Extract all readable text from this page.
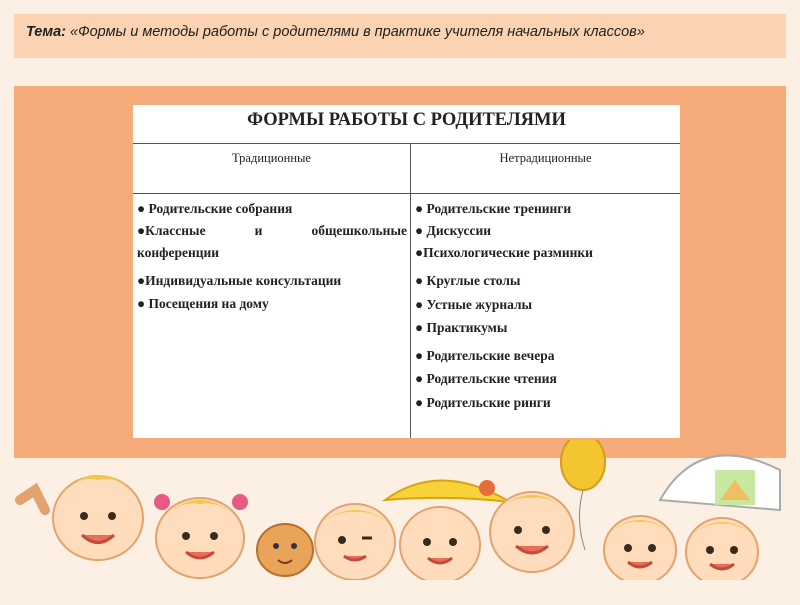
Тема: «Формы и методы работы с родителями в практике учителя начальных классов»
ФОРМЫ РАБОТЫ С РОДИТЕЛЯМИ
Традиционные	Нетрадиционные
● Родительские собрания
●Классные	и	общешкольные
конференции
●Индивидуальные консультации
● Посещения на дому
● Родительские тренинги
● Дискуссии
●Психологические разминки
● Круглые столы
● Устные журналы
● Практикумы
● Родительские вечера
● Родительские чтения
● Родительские ринги
